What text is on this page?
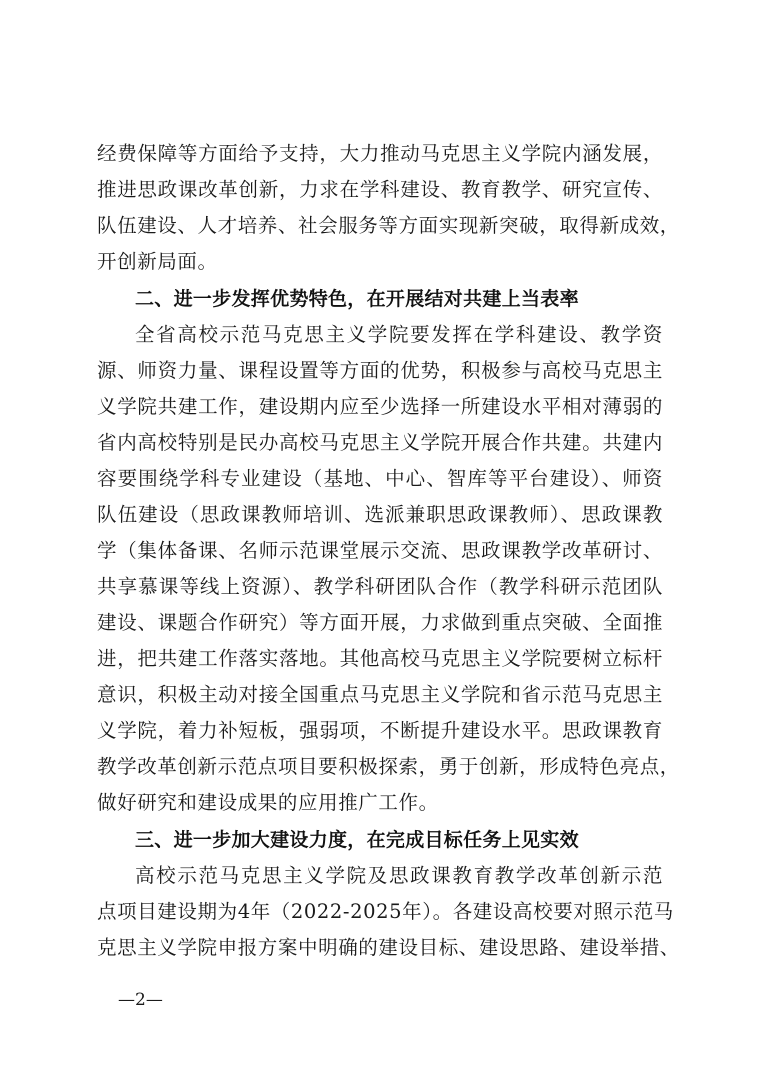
经费保障等方面给予支持，大力推动马克思主义学院内涵发展，
推进思政课改革创新，力求在学科建设、教育教学、研究宣传、
队伍建设、人才培养、社会服务等方面实现新突破，取得新成效，
开创新局面。
二、进一步发挥优势特色，在开展结对共建上当表率
全省高校示范马克思主义学院要发挥在学科建设、教学资
源、师资力量、课程设置等方面的优势，积极参与高校马克思主
义学院共建工作，建设期内应至少选择一所建设水平相对薄弱的
省内高校特别是民办高校马克思主义学院开展合作共建。共建内
容要围绕学科专业建设（基地、中心、智库等平台建设）、师资
队伍建设（思政课教师培训、选派兼职思政课教师）、思政课教
学（集体备课、名师示范课堂展示交流、思政课教学改革研讨、
共享慕课等线上资源）、教学科研团队合作（教学科研示范团队
建设、课题合作研究）等方面开展，力求做到重点突破、全面推
进，把共建工作落实落地。其他高校马克思主义学院要树立标杆
意识，积极主动对接全国重点马克思主义学院和省示范马克思主
义学院，着力补短板，强弱项，不断提升建设水平。思政课教育
教学改革创新示范点项目要积极探索，勇于创新，形成特色亮点，
做好研究和建设成果的应用推广工作。
三、进一步加大建设力度，在完成目标任务上见实效
高校示范马克思主义学院及思政课教育教学改革创新示范
点项目建设期为4年（2022-2025年）。各建设高校要对照示范马
克思主义学院申报方案中明确的建设目标、建设思路、建设举措、
—2—
